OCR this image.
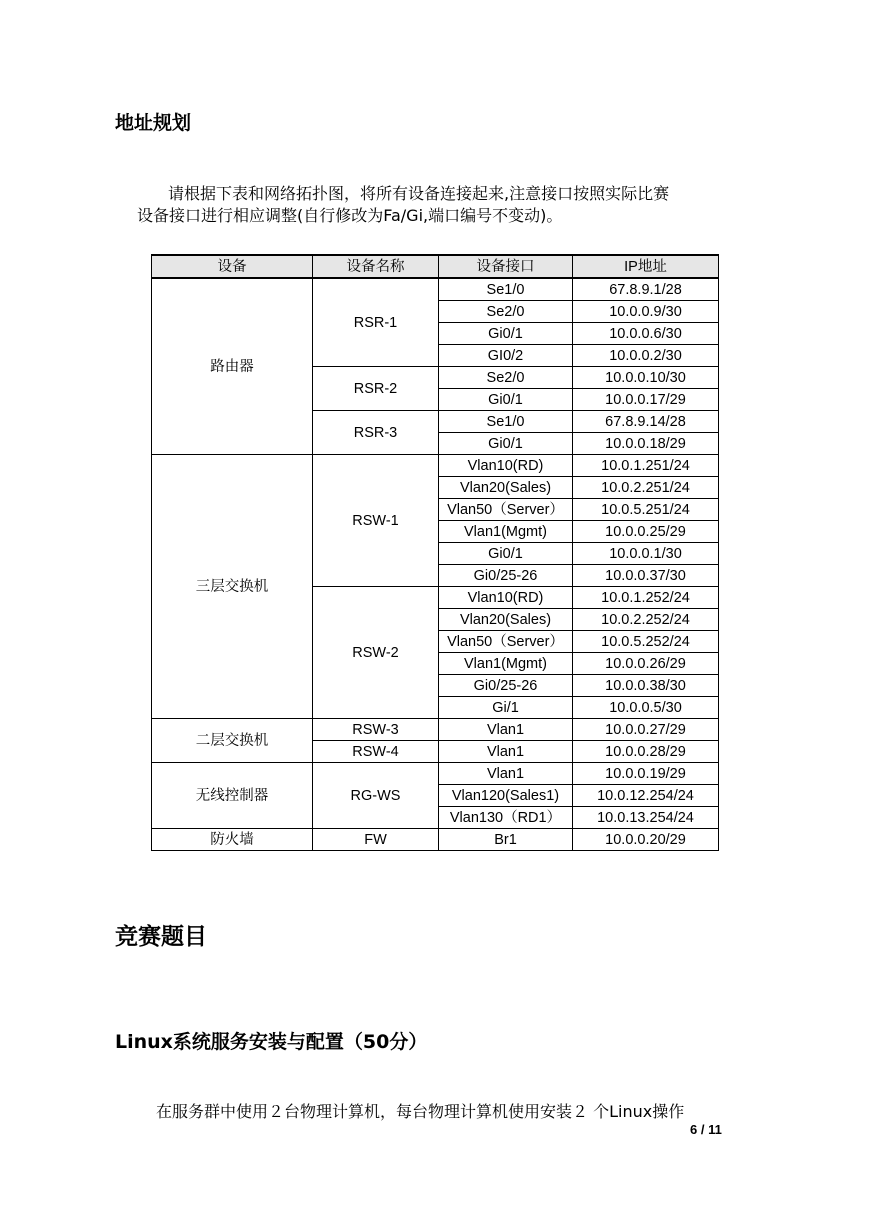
地址规划

请根据下表和网络拓扑图，将所有设备连接起来,注意接口按照实际比赛

设备接口进行相应调整(自行修改为Fa/Gi,端口编号不变动)。

设备	设备名称	设备接口	IP地址
路由器	RSR-1	Se1/0	67.8.9.1/28
		Se2/0	10.0.0.9/30
		Gi0/1	10.0.0.6/30
		GI0/2	10.0.0.2/30
	RSR-2	Se2/0	10.0.0.10/30
		Gi0/1	10.0.0.17/29
	RSR-3	Se1/0	67.8.9.14/28
		Gi0/1	10.0.0.18/29
三层交换机	RSW-1	Vlan10(RD)	10.0.1.251/24
		Vlan20(Sales)	10.0.2.251/24
		Vlan50（Server）	10.0.5.251/24
		Vlan1(Mgmt)	10.0.0.25/29
		Gi0/1	10.0.0.1/30
		Gi0/25-26	10.0.0.37/30
	RSW-2	Vlan10(RD)	10.0.1.252/24
		Vlan20(Sales)	10.0.2.252/24
		Vlan50（Server）	10.0.5.252/24
		Vlan1(Mgmt)	10.0.0.26/29
		Gi0/25-26	10.0.0.38/30
		Gi/1	10.0.0.5/30
二层交换机	RSW-3	Vlan1	10.0.0.27/29
	RSW-4	Vlan1	10.0.0.28/29
无线控制器	RG-WS	Vlan1	10.0.0.19/29
		Vlan120(Sales1)	10.0.12.254/24
		Vlan130（RD1）	10.0.13.254/24
防火墙	FW	Br1	10.0.0.20/29
竞赛题目
Linux系统服务安装与配置（50分）

在服务群中使用２台物理计算机，每台物理计算机使用安装２ 个Linux操作

6 / 11
